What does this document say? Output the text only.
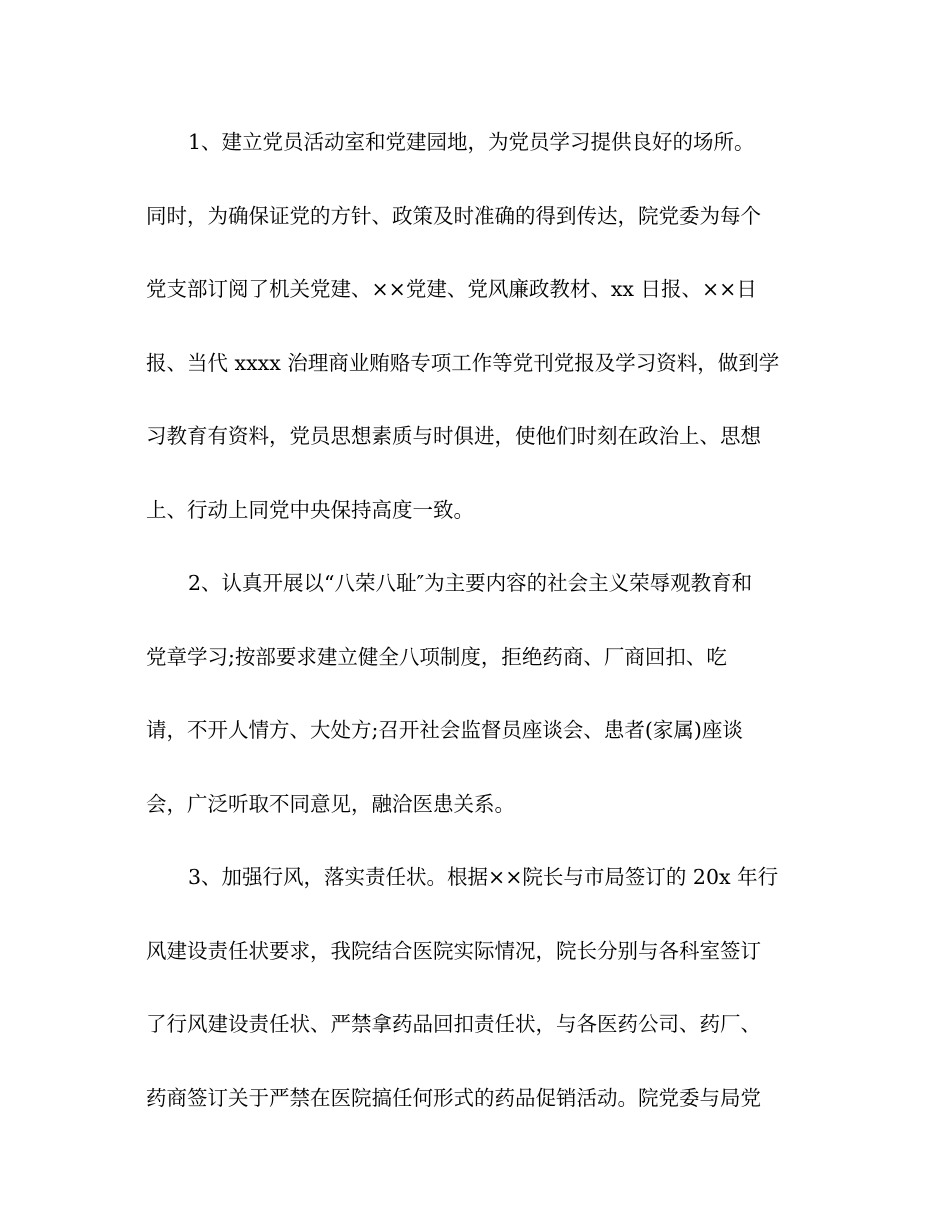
1、建立党员活动室和党建园地，为党员学习提供良好的场所。
同时，为确保证党的方针、政策及时准确的得到传达，院党委为每个
党支部订阅了机关党建、××党建、党风廉政教材、xx 日报、××日
报、当代 xxxx 治理商业贿赂专项工作等党刊党报及学习资料，做到学
习教育有资料，党员思想素质与时俱进，使他们时刻在政治上、思想
上、行动上同党中央保持高度一致。
2、认真开展以“八荣八耻″为主要内容的社会主义荣辱观教育和
党章学习;按部要求建立健全八项制度，拒绝药商、厂商回扣、吃
请，不开人情方、大处方;召开社会监督员座谈会、患者(家属)座谈
会，广泛听取不同意见，融洽医患关系。
3、加强行风，落实责任状。根据××院长与市局签订的 20x 年行
风建设责任状要求，我院结合医院实际情况，院长分别与各科室签订
了行风建设责任状、严禁拿药品回扣责任状，与各医药公司、药厂、
药商签订关于严禁在医院搞任何形式的药品促销活动。院党委与局党
